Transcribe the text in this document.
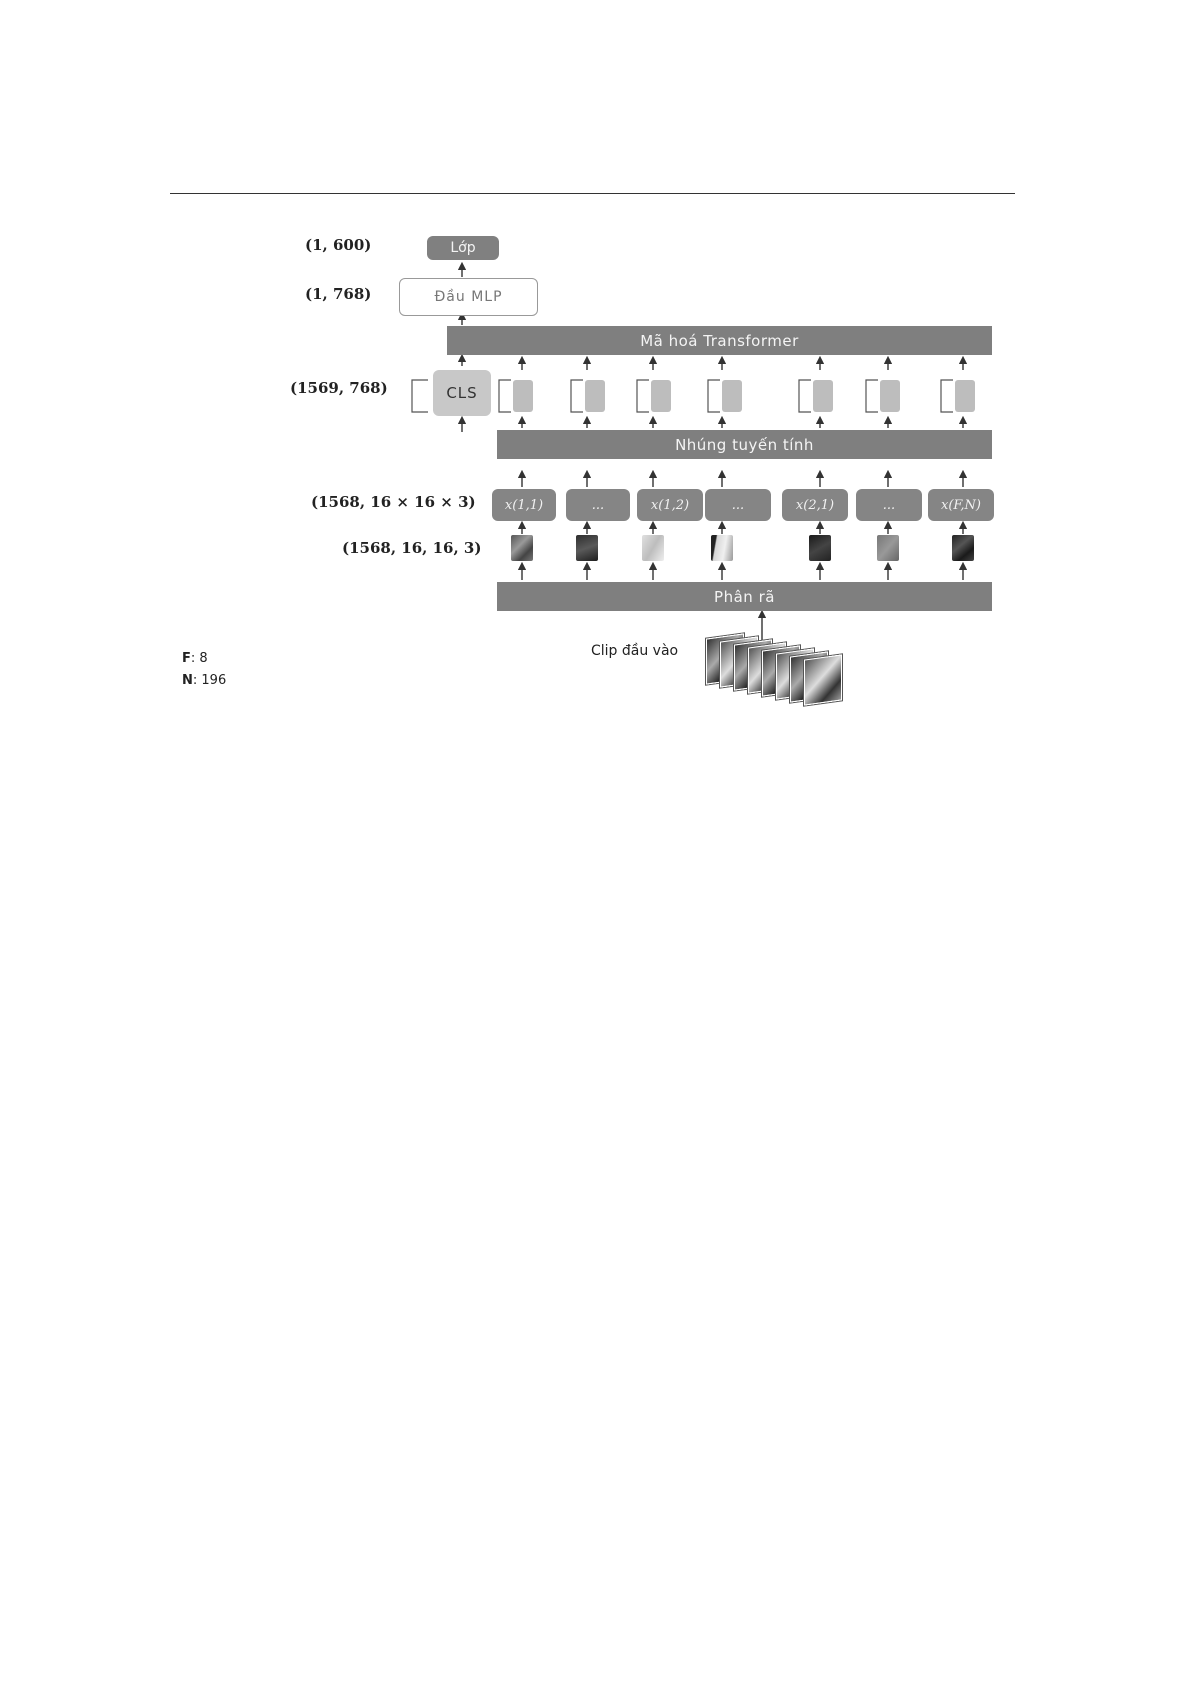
(1, 600)
(1, 768)
(1569, 768)
(1568, 16 × 16 × 3)
(1568, 16, 16, 3)
Lớp
Đầu MLP
Mã hoá Transformer
CLS
Nhúng tuyến tính
x(1,1)	...	x(1,2)	...	x(2,1)	...	x(F,N)
Phân rã
Clip đầu vào
F: 8
N: 196
